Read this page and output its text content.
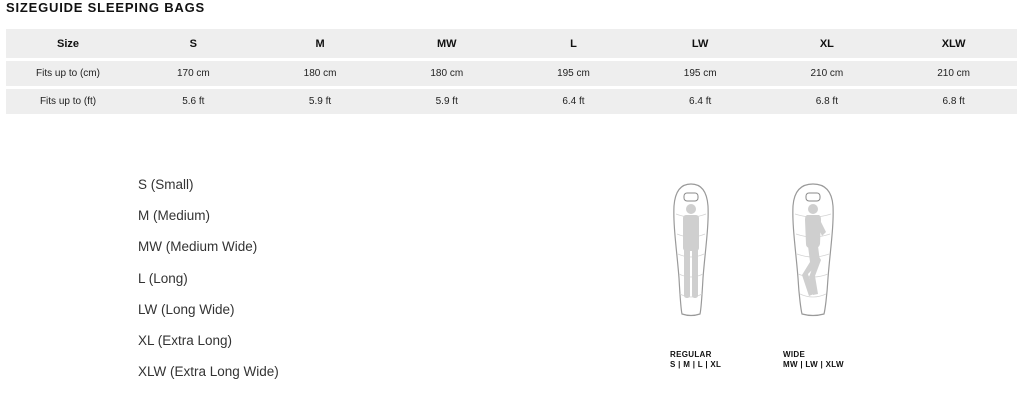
SIZEGUIDE SLEEPING BAGS
Size	S	M	MW	L	LW	XL	XLW
Fits up to (cm)	170 cm	180 cm	180 cm	195 cm	195 cm	210 cm	210 cm
Fits up to (ft)	5.6 ft	5.9 ft	5.9 ft	6.4 ft	6.4 ft	6.8 ft	6.8 ft
S (Small)
M (Medium)
MW (Medium Wide)
L (Long)
LW (Long Wide)
XL (Extra Long)
XLW (Extra Long Wide)
REGULAR
S | M | L | XL
WIDE
MW | LW | XLW
